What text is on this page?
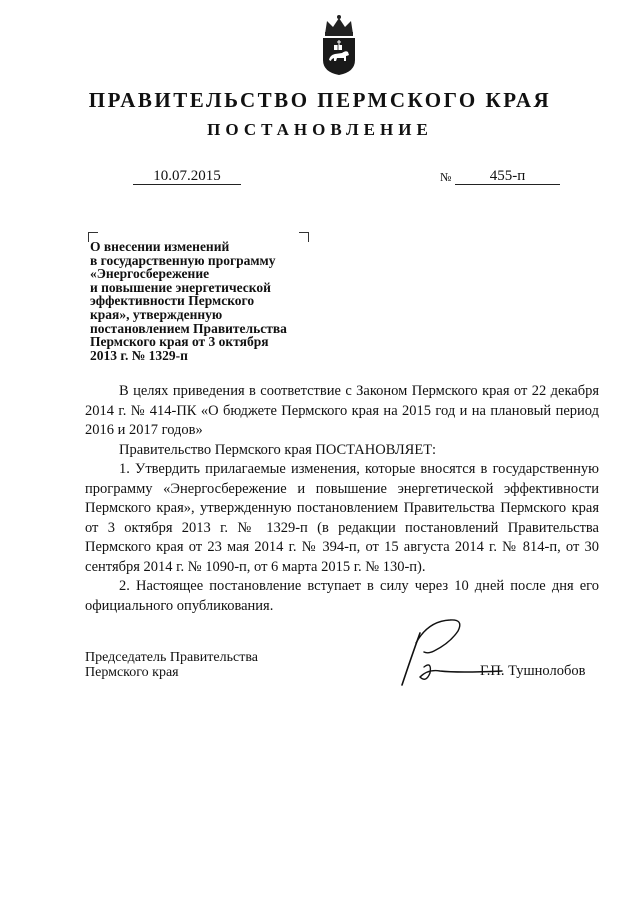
ПРАВИТЕЛЬСТВО ПЕРМСКОГО КРАЯ
ПОСТАНОВЛЕНИЕ
10.07.2015	№	455-п
О внесении изменений
в государственную программу
«Энергосбережение
и повышение энергетической
эффективности Пермского
края», утвержденную
постановлением Правительства
Пермского края от 3 октября
2013 г. № 1329-п

В целях приведения в соответствие с Законом Пермского края от 22 декабря 2014 г. № 414-ПК «О бюджете Пермского края на 2015 год и на плановый период 2016 и 2017 годов»

Правительство Пермского края ПОСТАНОВЛЯЕТ:

1. Утвердить прилагаемые изменения, которые вносятся в государственную программу «Энергосбережение и повышение энергетической эффективности Пермского края», утвержденную постановлением Правительства Пермского края от 3 октября 2013 г. № 1329-п (в редакции постановлений Правительства Пермского края от 23 мая 2014 г. № 394-п, от 15 августа 2014 г. № 814-п, от 30 сентября 2014 г. № 1090-п, от 6 марта 2015 г. № 130-п).

2. Настоящее постановление вступает в силу через 10 дней после дня его официального опубликования.

Председатель Правительства
Пермского края	Г.П. Тушнолобов
